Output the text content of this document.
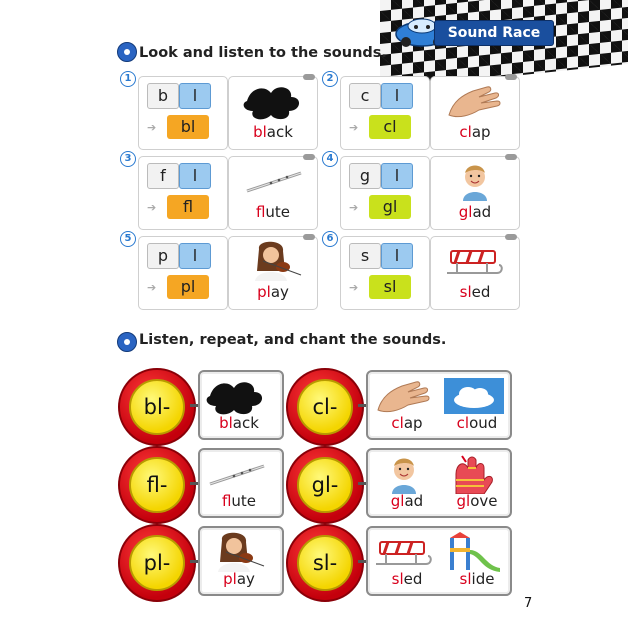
Sound Race
Look and listen to the sounds.
1
b	l
➔	bl	black
2
c	l
➔	cl	clap
3
f	l
➔	fl	flute
4
g	l
➔	gl	glad
5
p	l
➔	pl	play
6
s	l
➔	sl	sled
Listen, repeat, and chant the sounds.
bl-
black
cl-
clap	cloud
fl-
flute
gl-
glad	glove
pl-
play
sl-
sled	slide
7
